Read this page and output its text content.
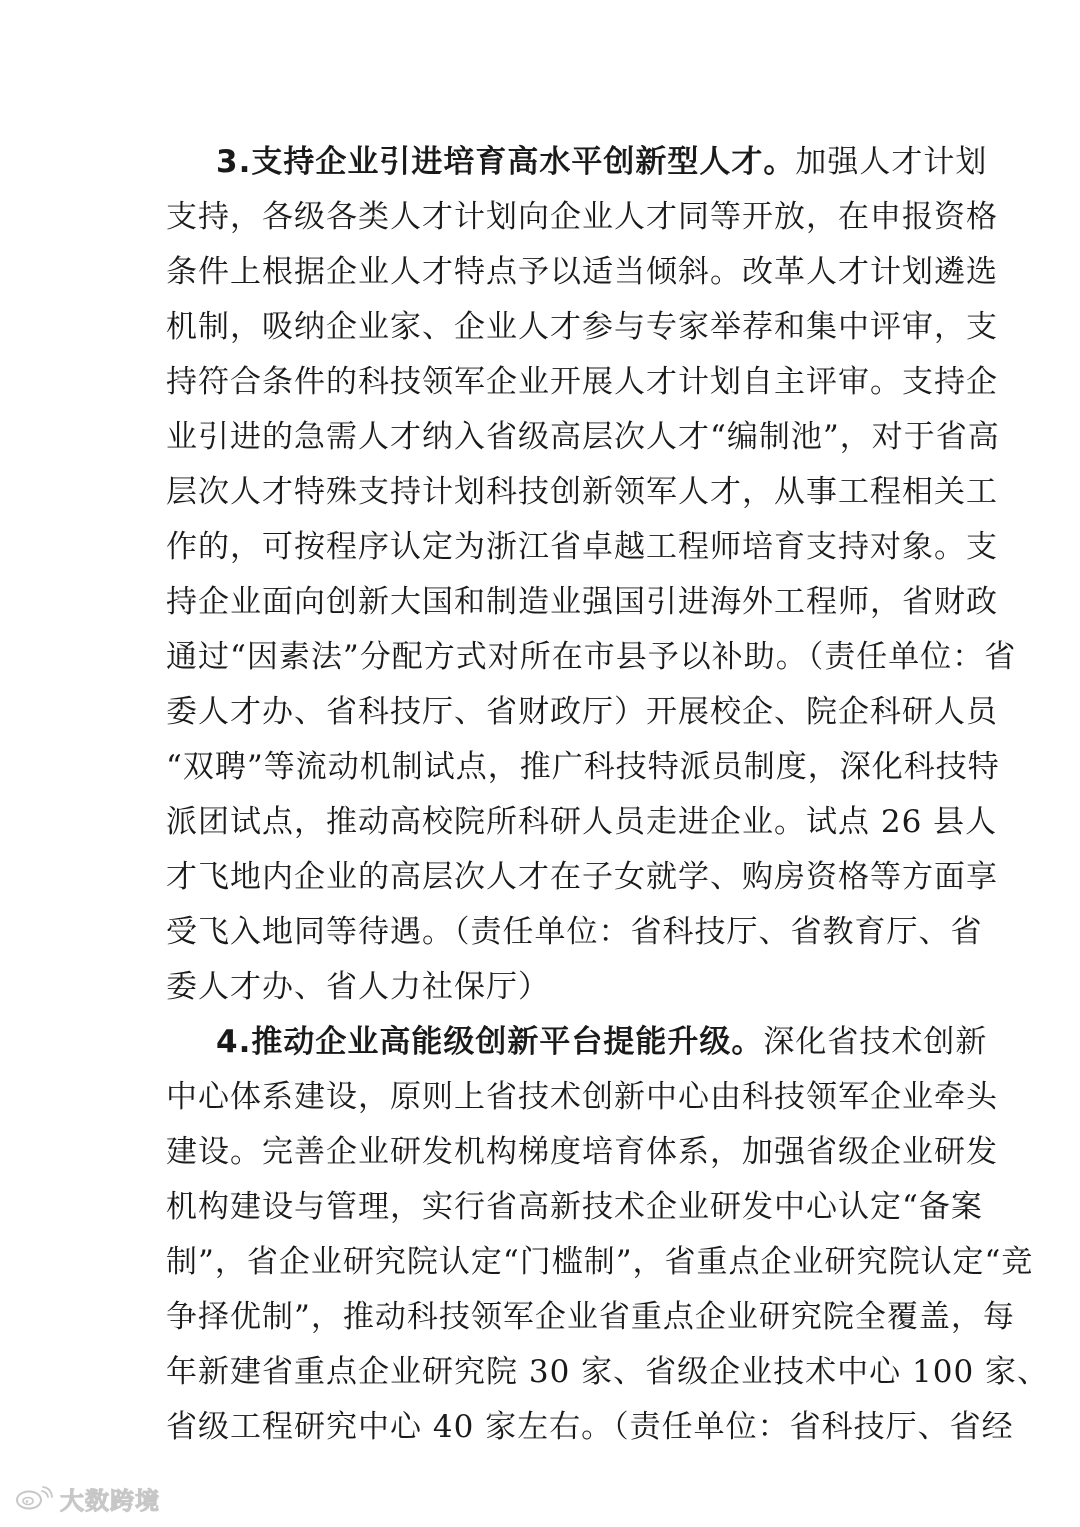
3.支持企业引进培育高水平创新型人才。加强人才计划
支持，各级各类人才计划向企业人才同等开放，在申报资格
条件上根据企业人才特点予以适当倾斜。改革人才计划遴选
机制，吸纳企业家、企业人才参与专家举荐和集中评审，支
持符合条件的科技领军企业开展人才计划自主评审。支持企
业引进的急需人才纳入省级高层次人才“编制池”，对于省高
层次人才特殊支持计划科技创新领军人才，从事工程相关工
作的，可按程序认定为浙江省卓越工程师培育支持对象。支
持企业面向创新大国和制造业强国引进海外工程师，省财政
通过“因素法”分配方式对所在市县予以补助。（责任单位：省
委人才办、省科技厅、省财政厅）开展校企、院企科研人员
“双聘”等流动机制试点，推广科技特派员制度，深化科技特
派团试点，推动高校院所科研人员走进企业。试点 26 县人
才飞地内企业的高层次人才在子女就学、购房资格等方面享
受飞入地同等待遇。（责任单位：省科技厅、省教育厅、省
委人才办、省人力社保厅）
4.推动企业高能级创新平台提能升级。深化省技术创新
中心体系建设，原则上省技术创新中心由科技领军企业牵头
建设。完善企业研发机构梯度培育体系，加强省级企业研发
机构建设与管理，实行省高新技术企业研发中心认定“备案
制”，省企业研究院认定“门槛制”，省重点企业研究院认定“竞
争择优制”，推动科技领军企业省重点企业研究院全覆盖，每
年新建省重点企业研究院 30 家、省级企业技术中心 100 家、
省级工程研究中心 40 家左右。（责任单位：省科技厅、省经
大数跨境
